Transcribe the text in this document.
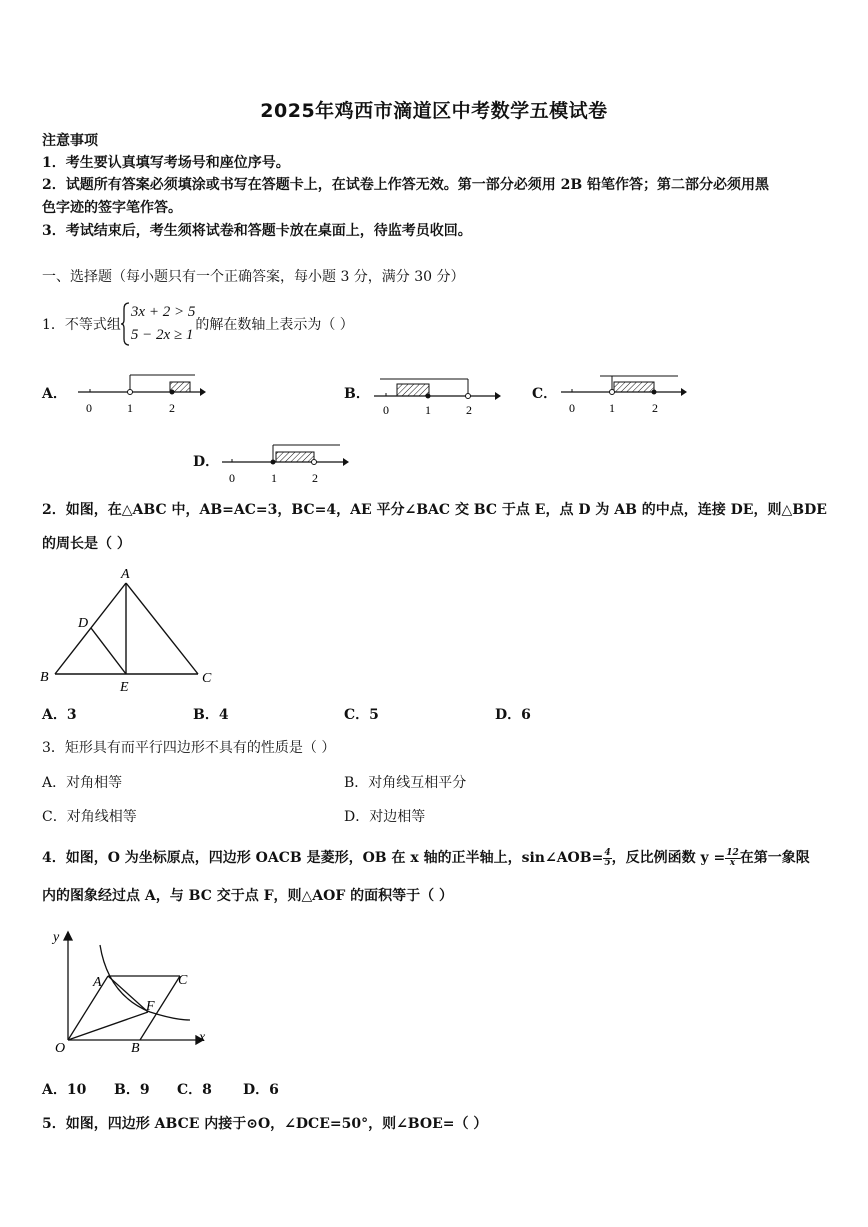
2025年鸡西市滴道区中考数学五模试卷
注意事项
1．考生要认真填写考场号和座位序号。
2．试题所有答案必须填涂或书写在答题卡上，在试卷上作答无效。第一部分必须用 2B 铅笔作答；第二部分必须用黑
色字迹的签字笔作答。
3．考试结束后，考生须将试卷和答题卡放在桌面上，待监考员收回。
一、选择题（每小题只有一个正确答案，每小题 3 分，满分 30 分）
1．不等式组
3x + 2 > 5
5 − 2x ≥ 1
的解在数轴上表示为（ ）
A．	B．	C．
D．
0	1	2	0	1	2	0	1	2
0	1	2
A
D
B
E
C
y
x
O
A
B
C
F
2．如图，在△ABC 中，AB=AC=3，BC=4，AE 平分∠BAC 交 BC 于点 E，点 D 为 AB 的中点，连接 DE，则△BDE
的周长是（ ）
A．3	B．4	C．5	D．6
3．矩形具有而平行四边形不具有的性质是（ ）
A．对角相等	B．对角线互相平分
C．对角线相等	D．对边相等
4．如图，O 为坐标原点，四边形 OACB 是菱形，OB 在 x 轴的正半轴上，sin∠AOB= $\frac{4}{5}$ ，反比例函数 $y = \frac{12}{x}$ 在第一象限
内的图象经过点 A，与 BC 交于点 F，则△AOF 的面积等于（ ）
A．10 B．9 C．8 D．6
5．如图，四边形 ABCE 内接于⊙O，∠DCE=50°，则∠BOE=（ ）
